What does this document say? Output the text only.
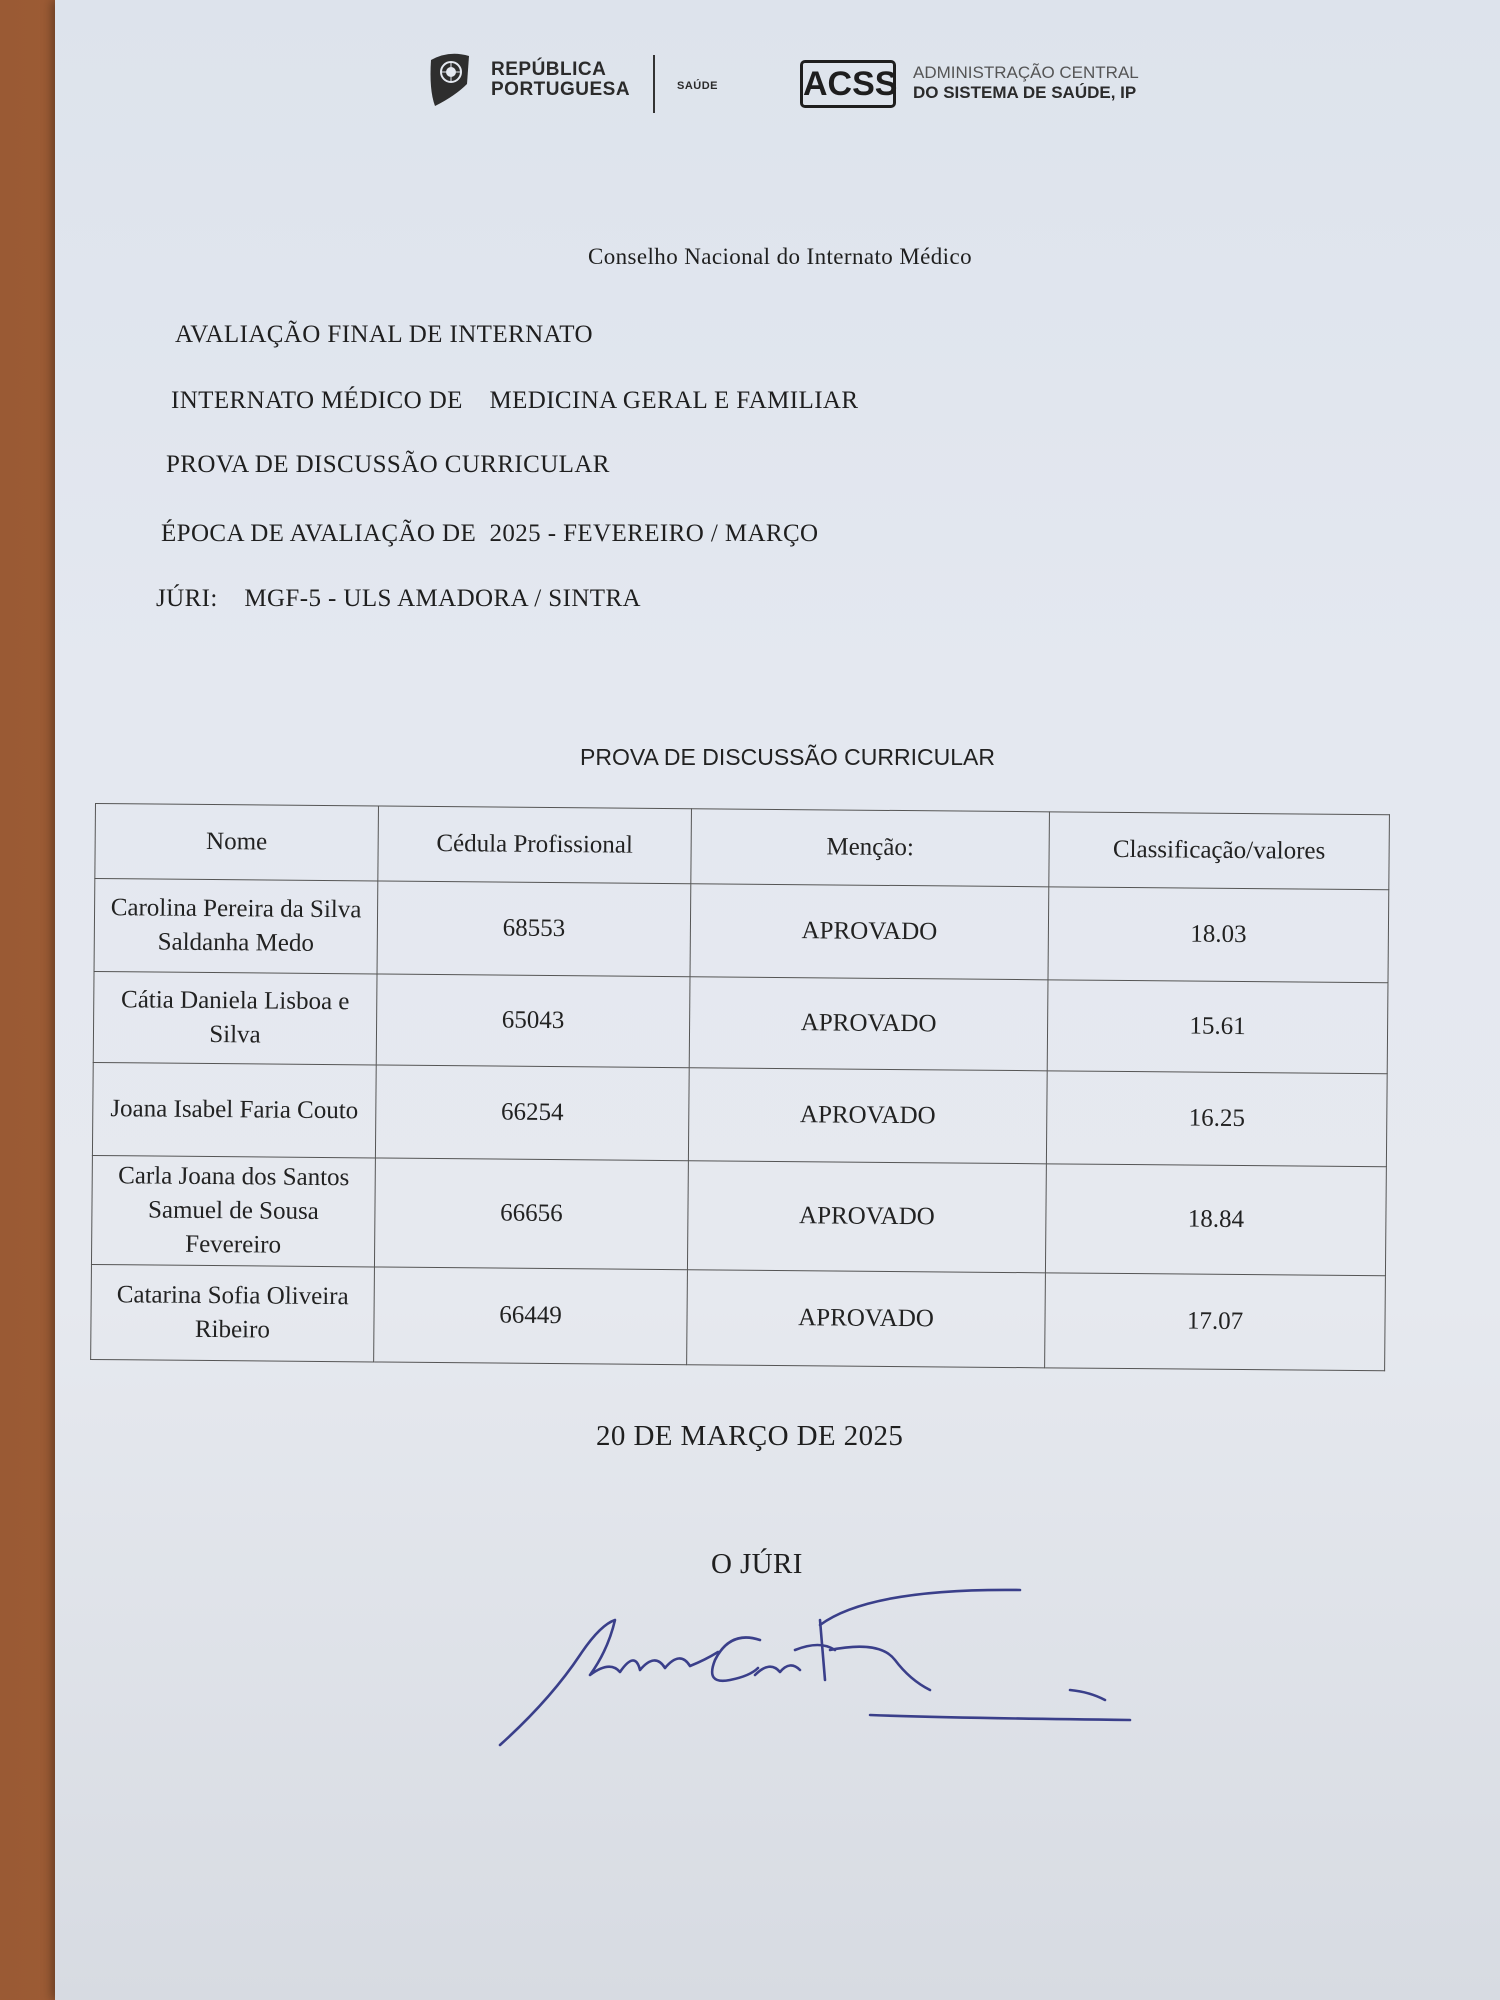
REPÚBLICA
PORTUGUESA	SAÚDE ACSS ADMINISTRAÇÃO CENTRAL
DO SISTEMA DE SAÚDE, IP
Conselho Nacional do Internato Médico
AVALIAÇÃO FINAL DE INTERNATO
INTERNATO MÉDICO DE    MEDICINA GERAL E FAMILIAR
PROVA DE DISCUSSÃO CURRICULAR
ÉPOCA DE AVALIAÇÃO DE  2025 - FEVEREIRO / MARÇO
JÚRI:    MGF-5 - ULS AMADORA / SINTRA
PROVA DE DISCUSSÃO CURRICULAR
Nome	Cédula Profissional	Menção:	Classificação/valores
Carolina Pereira da Silva Saldanha Medo	68553	APROVADO	18.03
Cátia Daniela Lisboa e Silva	65043	APROVADO	15.61
Joana Isabel Faria Couto	66254	APROVADO	16.25
Carla Joana dos Santos Samuel de Sousa Fevereiro	66656	APROVADO	18.84
Catarina Sofia Oliveira Ribeiro	66449	APROVADO	17.07
20 DE MARÇO DE 2025
O JÚRI
